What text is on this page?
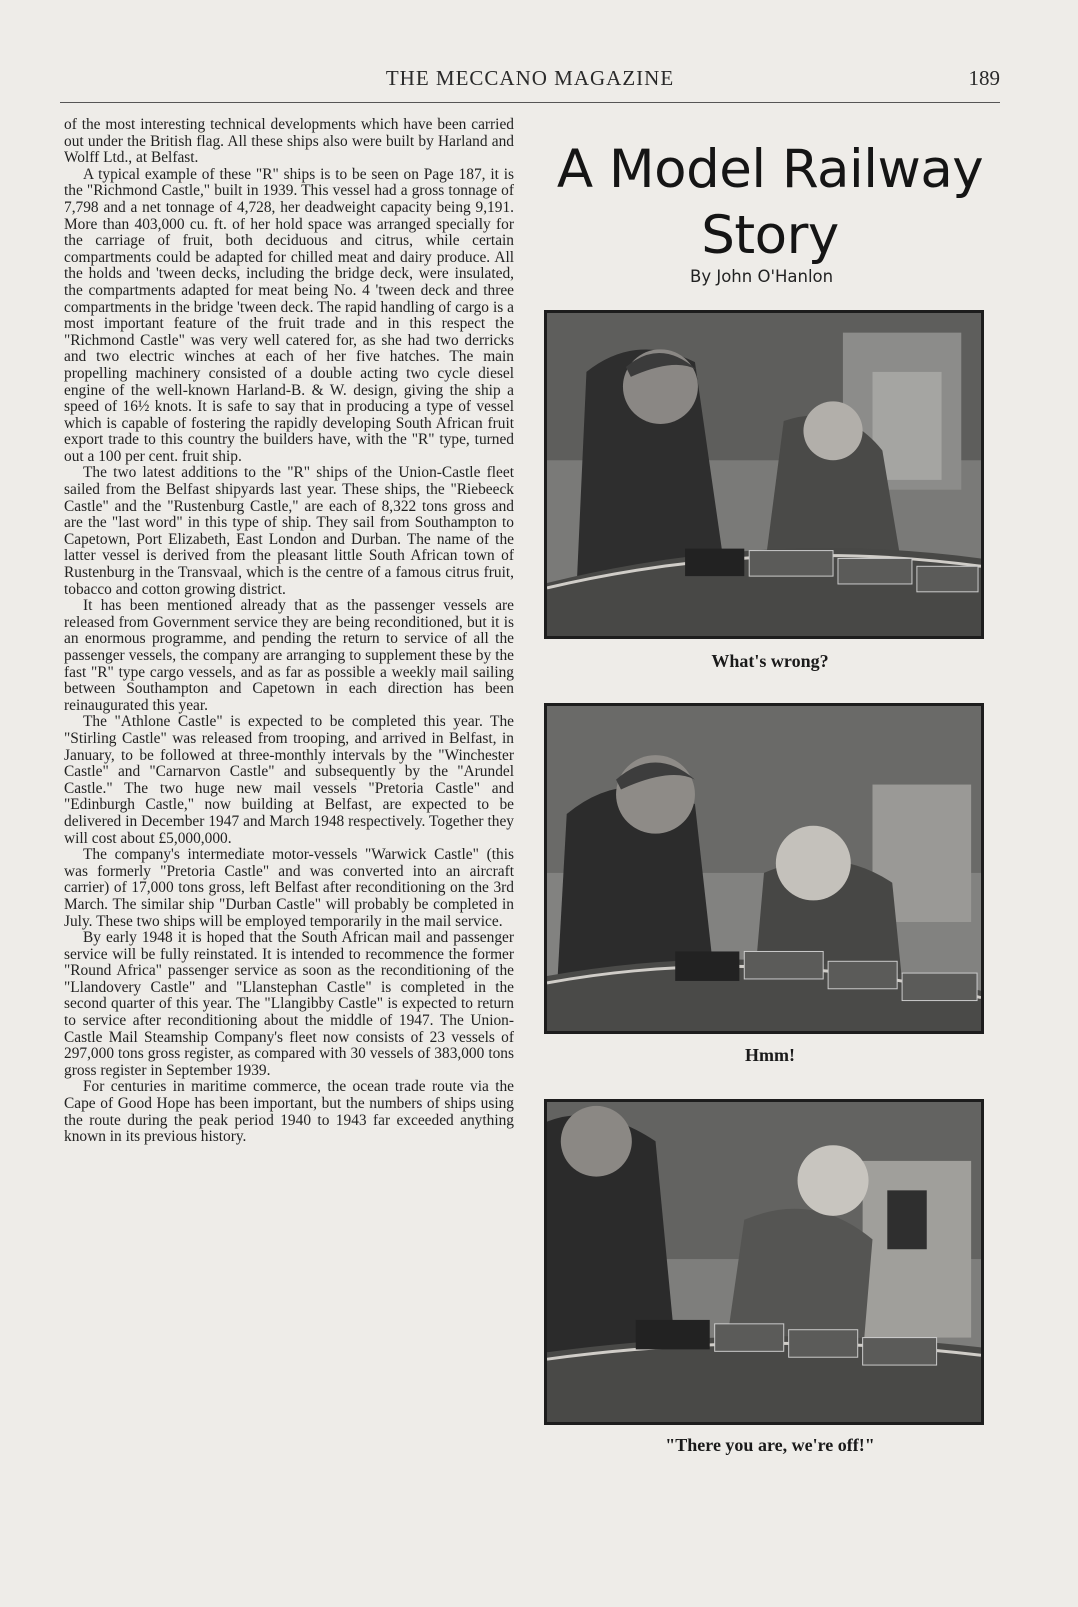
THE MECCANO MAGAZINE	189

of the most interesting technical developments which have been carried out under the British flag. All these ships also were built by Harland and Wolff Ltd., at Belfast.

A typical example of these "R" ships is to be seen on Page 187, it is the "Richmond Castle," built in 1939. This vessel had a gross tonnage of 7,798 and a net tonnage of 4,728, her deadweight capacity being 9,191. More than 403,000 cu. ft. of her hold space was arranged specially for the carriage of fruit, both deciduous and citrus, while certain compartments could be adapted for chilled meat and dairy produce. All the holds and 'tween decks, including the bridge deck, were insulated, the compartments adapted for meat being No. 4 'tween deck and three compartments in the bridge 'tween deck. The rapid handling of cargo is a most important feature of the fruit trade and in this respect the "Richmond Castle" was very well catered for, as she had two derricks and two electric winches at each of her five hatches. The main propelling machinery consisted of a double acting two cycle diesel engine of the well-known Harland-B. & W. design, giving the ship a speed of 16½ knots. It is safe to say that in producing a type of vessel which is capable of fostering the rapidly developing South African fruit export trade to this country the builders have, with the "R" type, turned out a 100 per cent. fruit ship.

The two latest additions to the "R" ships of the Union-Castle fleet sailed from the Belfast shipyards last year. These ships, the "Riebeeck Castle" and the "Rustenburg Castle," are each of 8,322 tons gross and are the "last word" in this type of ship. They sail from Southampton to Capetown, Port Elizabeth, East London and Durban. The name of the latter vessel is derived from the pleasant little South African town of Rustenburg in the Transvaal, which is the centre of a famous citrus fruit, tobacco and cotton growing district.

It has been mentioned already that as the passenger vessels are released from Government service they are being reconditioned, but it is an enormous programme, and pending the return to service of all the passenger vessels, the company are arranging to supplement these by the fast "R" type cargo vessels, and as far as possible a weekly mail sailing between Southampton and Capetown in each direction has been reinaugurated this year.

The "Athlone Castle" is expected to be completed this year. The "Stirling Castle" was released from trooping, and arrived in Belfast, in January, to be followed at three-monthly intervals by the "Winchester Castle" and "Carnarvon Castle" and subsequently by the "Arundel Castle." The two huge new mail vessels "Pretoria Castle" and "Edinburgh Castle," now building at Belfast, are expected to be delivered in December 1947 and March 1948 respectively. Together they will cost about £5,000,000.

The company's intermediate motor-vessels "Warwick Castle" (this was formerly "Pretoria Castle" and was converted into an aircraft carrier) of 17,000 tons gross, left Belfast after reconditioning on the 3rd March. The similar ship "Durban Castle" will probably be completed in July. These two ships will be employed temporarily in the mail service.

By early 1948 it is hoped that the South African mail and passenger service will be fully reinstated. It is intended to recommence the former "Round Africa" passenger service as soon as the reconditioning of the "Llandovery Castle" and "Llanstephan Castle" is completed in the second quarter of this year. The "Llangibby Castle" is expected to return to service after reconditioning about the middle of 1947. The Union-Castle Mail Steamship Company's fleet now consists of 23 vessels of 297,000 tons gross register, as compared with 30 vessels of 383,000 tons gross register in September 1939.

For centuries in maritime commerce, the ocean trade route via the Cape of Good Hope has been important, but the numbers of ships using the route during the peak period 1940 to 1943 far exceeded anything known in its previous history.

A Model Railway Story
By John O'Hanlon
What's wrong?
Hmm!
"There you are, we're off!"
